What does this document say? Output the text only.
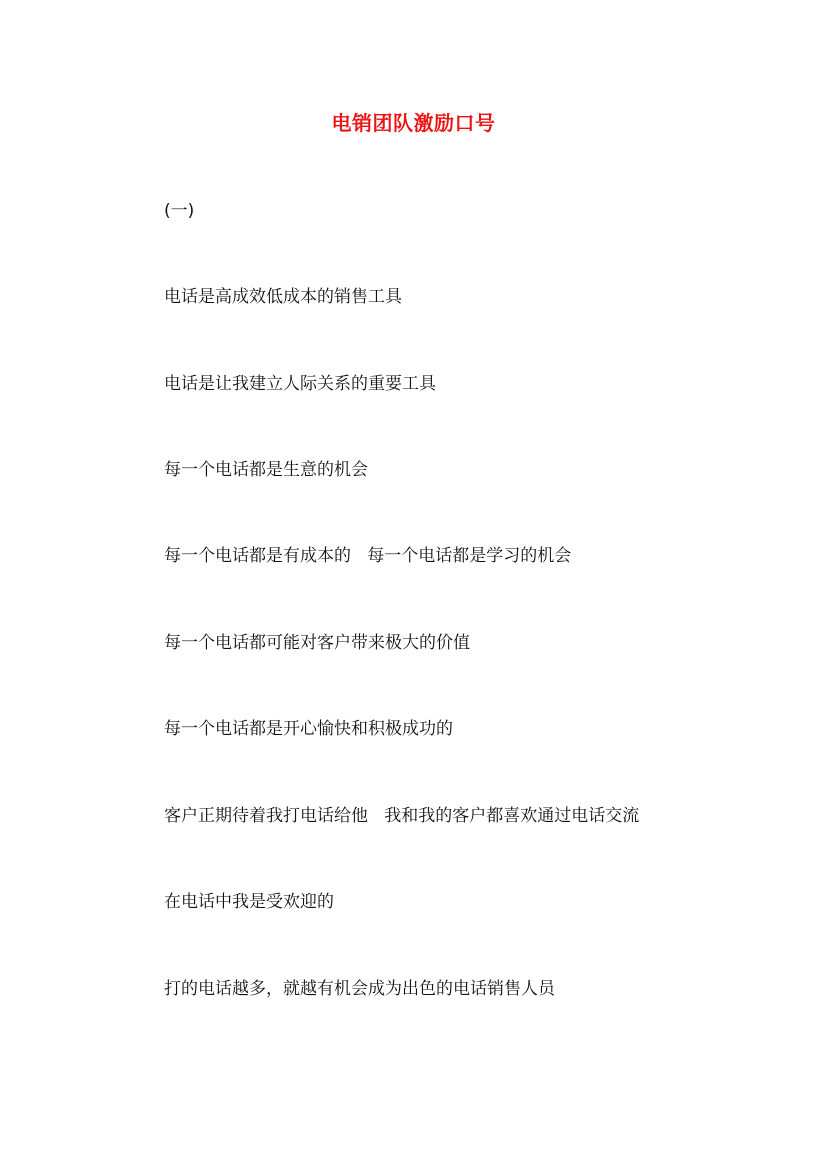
电销团队激励口号
(一)
电话是高成效低成本的销售工具
电话是让我建立人际关系的重要工具
每一个电话都是生意的机会
每一个电话都是有成本的   每一个电话都是学习的机会
每一个电话都可能对客户带来极大的价值
每一个电话都是开心愉快和积极成功的
客户正期待着我打电话给他   我和我的客户都喜欢通过电话交流
在电话中我是受欢迎的
打的电话越多，就越有机会成为出色的电话销售人员
